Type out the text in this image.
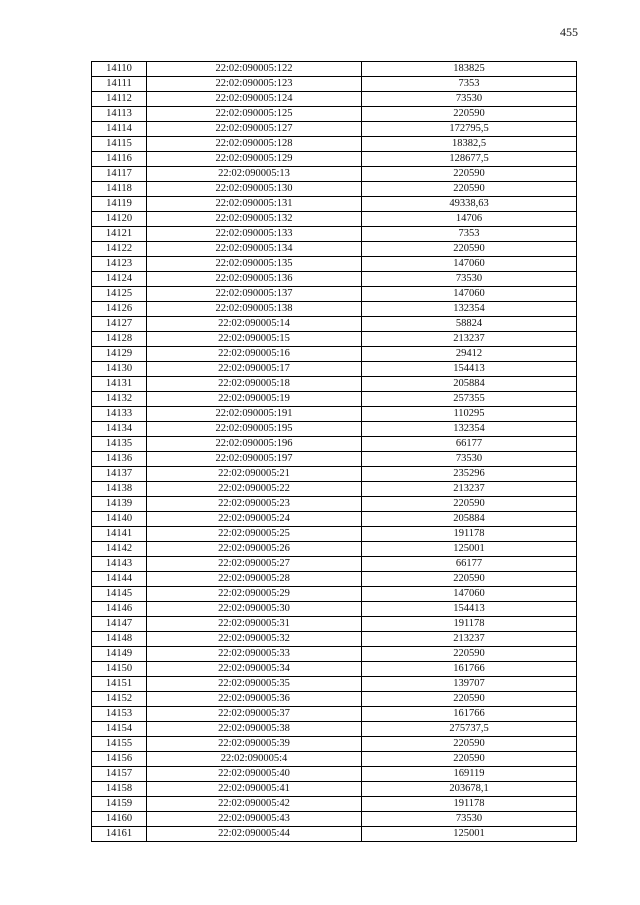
455
14110	22:02:090005:122	183825
14111	22:02:090005:123	7353
14112	22:02:090005:124	73530
14113	22:02:090005:125	220590
14114	22:02:090005:127	172795,5
14115	22:02:090005:128	18382,5
14116	22:02:090005:129	128677,5
14117	22:02:090005:13	220590
14118	22:02:090005:130	220590
14119	22:02:090005:131	49338,63
14120	22:02:090005:132	14706
14121	22:02:090005:133	7353
14122	22:02:090005:134	220590
14123	22:02:090005:135	147060
14124	22:02:090005:136	73530
14125	22:02:090005:137	147060
14126	22:02:090005:138	132354
14127	22:02:090005:14	58824
14128	22:02:090005:15	213237
14129	22:02:090005:16	29412
14130	22:02:090005:17	154413
14131	22:02:090005:18	205884
14132	22:02:090005:19	257355
14133	22:02:090005:191	110295
14134	22:02:090005:195	132354
14135	22:02:090005:196	66177
14136	22:02:090005:197	73530
14137	22:02:090005:21	235296
14138	22:02:090005:22	213237
14139	22:02:090005:23	220590
14140	22:02:090005:24	205884
14141	22:02:090005:25	191178
14142	22:02:090005:26	125001
14143	22:02:090005:27	66177
14144	22:02:090005:28	220590
14145	22:02:090005:29	147060
14146	22:02:090005:30	154413
14147	22:02:090005:31	191178
14148	22:02:090005:32	213237
14149	22:02:090005:33	220590
14150	22:02:090005:34	161766
14151	22:02:090005:35	139707
14152	22:02:090005:36	220590
14153	22:02:090005:37	161766
14154	22:02:090005:38	275737,5
14155	22:02:090005:39	220590
14156	22:02:090005:4	220590
14157	22:02:090005:40	169119
14158	22:02:090005:41	203678,1
14159	22:02:090005:42	191178
14160	22:02:090005:43	73530
14161	22:02:090005:44	125001
